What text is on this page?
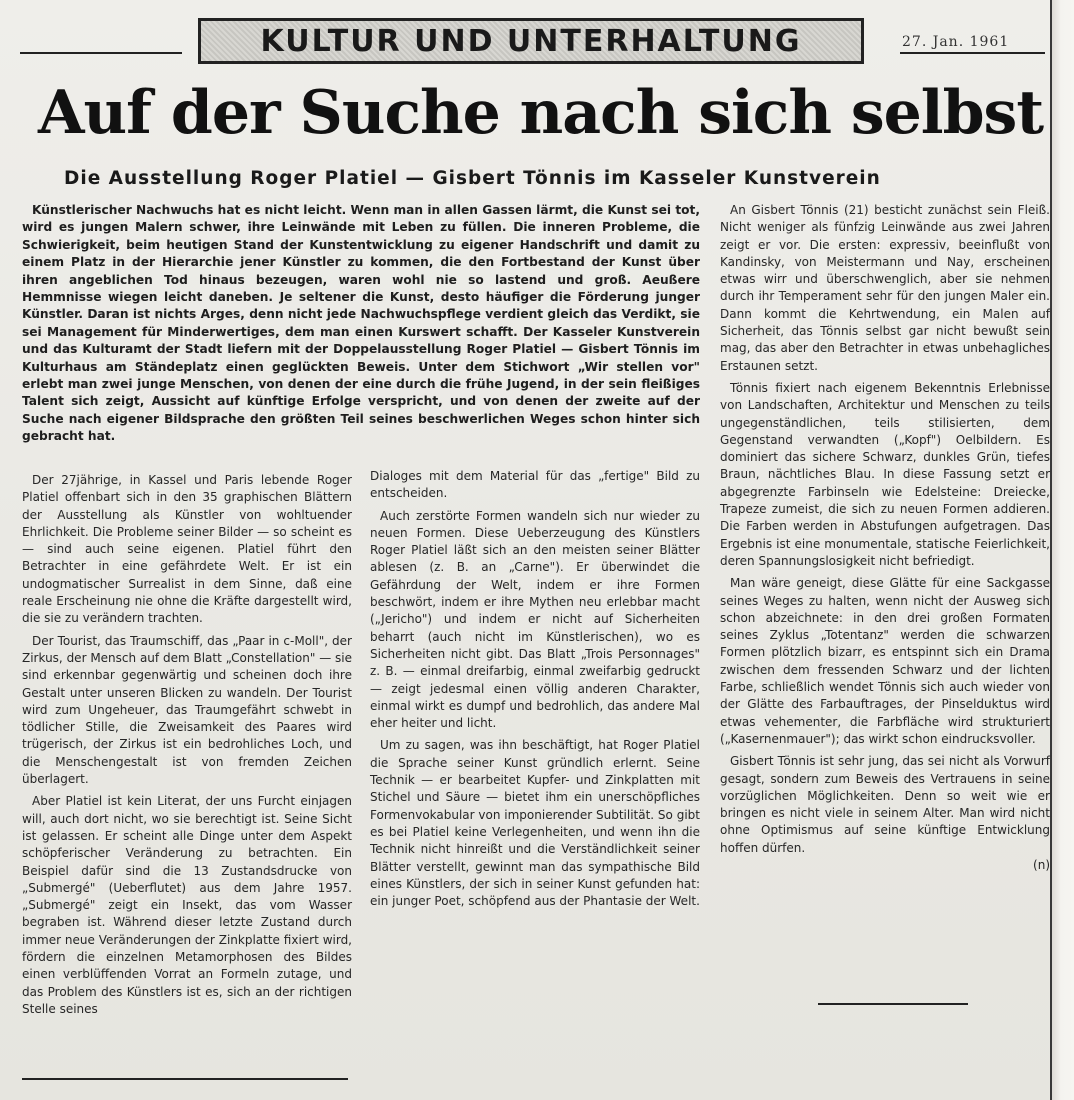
KULTUR UND UNTERHALTUNG	27. Jan. 1961
Auf der Suche nach sich selbst
Die Ausstellung Roger Platiel — Gisbert Tönnis im Kasseler Kunstverein
Künstlerischer Nachwuchs hat es nicht leicht. Wenn man in allen Gassen lärmt, die Kunst sei tot, wird es jungen Malern schwer, ihre Leinwände mit Leben zu füllen. Die inneren Probleme, die Schwierigkeit, beim heutigen Stand der Kunstentwicklung zu eigener Handschrift und damit zu einem Platz in der Hierarchie jener Künstler zu kommen, die den Fortbestand der Kunst über ihren angeblichen Tod hinaus bezeugen, waren wohl nie so lastend und groß. Aeußere Hemmnisse wiegen leicht daneben. Je seltener die Kunst, desto häufiger die Förderung junger Künstler. Daran ist nichts Arges, denn nicht jede Nachwuchspflege verdient gleich das Verdikt, sie sei Management für Minderwertiges, dem man einen Kurswert schafft. Der Kasseler Kunstverein und das Kulturamt der Stadt liefern mit der Doppelausstellung Roger Platiel — Gisbert Tönnis im Kulturhaus am Ständeplatz einen geglückten Beweis. Unter dem Stichwort „Wir stellen vor" erlebt man zwei junge Menschen, von denen der eine durch die frühe Jugend, in der sein fleißiges Talent sich zeigt, Aussicht auf künftige Erfolge verspricht, und von denen der zweite auf der Suche nach eigener Bildsprache den größten Teil seines beschwerlichen Weges schon hinter sich gebracht hat.

Der 27jährige, in Kassel und Paris lebende Roger Platiel offenbart sich in den 35 graphischen Blättern der Ausstellung als Künstler von wohltuender Ehrlichkeit. Die Probleme seiner Bilder — so scheint es — sind auch seine eigenen. Platiel führt den Betrachter in eine gefährdete Welt. Er ist ein undogmatischer Surrealist in dem Sinne, daß eine reale Erscheinung nie ohne die Kräfte dargestellt wird, die sie zu verändern trachten.

Der Tourist, das Traumschiff, das „Paar in c-Moll", der Zirkus, der Mensch auf dem Blatt „Constellation" — sie sind erkennbar gegenwärtig und scheinen doch ihre Gestalt unter unseren Blicken zu wandeln. Der Tourist wird zum Ungeheuer, das Traumgefährt schwebt in tödlicher Stille, die Zweisamkeit des Paares wird trügerisch, der Zirkus ist ein bedrohliches Loch, und die Menschengestalt ist von fremden Zeichen überlagert.

Aber Platiel ist kein Literat, der uns Furcht einjagen will, auch dort nicht, wo sie berechtigt ist. Seine Sicht ist gelassen. Er scheint alle Dinge unter dem Aspekt schöpferischer Veränderung zu betrachten. Ein Beispiel dafür sind die 13 Zustandsdrucke von „Submergé" (Ueberflutet) aus dem Jahre 1957. „Submergé" zeigt ein Insekt, das vom Wasser begraben ist. Während dieser letzte Zustand durch immer neue Veränderungen der Zinkplatte fixiert wird, fördern die einzelnen Metamorphosen des Bildes einen verblüffenden Vorrat an Formeln zutage, und das Problem des Künstlers ist es, sich an der richtigen Stelle seines

Dialoges mit dem Material für das „fertige" Bild zu entscheiden.

Auch zerstörte Formen wandeln sich nur wieder zu neuen Formen. Diese Ueberzeugung des Künstlers Roger Platiel läßt sich an den meisten seiner Blätter ablesen (z. B. an „Carne"). Er überwindet die Gefährdung der Welt, indem er ihre Formen beschwört, indem er ihre Mythen neu erlebbar macht („Jericho") und indem er nicht auf Sicherheiten beharrt (auch nicht im Künstlerischen), wo es Sicherheiten nicht gibt. Das Blatt „Trois Personnages" z. B. — einmal dreifarbig, einmal zweifarbig gedruckt — zeigt jedesmal einen völlig anderen Charakter, einmal wirkt es dumpf und bedrohlich, das andere Mal eher heiter und licht.

Um zu sagen, was ihn beschäftigt, hat Roger Platiel die Sprache seiner Kunst gründlich erlernt. Seine Technik — er bearbeitet Kupfer- und Zinkplatten mit Stichel und Säure — bietet ihm ein unerschöpfliches Formenvokabular von imponierender Subtilität. So gibt es bei Platiel keine Verlegenheiten, und wenn ihn die Technik nicht hinreißt und die Verständlichkeit seiner Blätter verstellt, gewinnt man das sympathische Bild eines Künstlers, der sich in seiner Kunst gefunden hat: ein junger Poet, schöpfend aus der Phantasie der Welt.

An Gisbert Tönnis (21) besticht zunächst sein Fleiß. Nicht weniger als fünfzig Leinwände aus zwei Jahren zeigt er vor. Die ersten: expressiv, beeinflußt von Kandinsky, von Meistermann und Nay, erscheinen etwas wirr und überschwenglich, aber sie nehmen durch ihr Temperament sehr für den jungen Maler ein. Dann kommt die Kehrtwendung, ein Malen auf Sicherheit, das Tönnis selbst gar nicht bewußt sein mag, das aber den Betrachter in etwas unbehagliches Erstaunen setzt.

Tönnis fixiert nach eigenem Bekenntnis Erlebnisse von Landschaften, Architektur und Menschen zu teils ungegenständlichen, teils stilisierten, dem Gegenstand verwandten („Kopf") Oelbildern. Es dominiert das sichere Schwarz, dunkles Grün, tiefes Braun, nächtliches Blau. In diese Fassung setzt er abgegrenzte Farbinseln wie Edelsteine: Dreiecke, Trapeze zumeist, die sich zu neuen Formen addieren. Die Farben werden in Abstufungen aufgetragen. Das Ergebnis ist eine monumentale, statische Feierlichkeit, deren Spannungslosigkeit nicht befriedigt.

Man wäre geneigt, diese Glätte für eine Sackgasse seines Weges zu halten, wenn nicht der Ausweg sich schon abzeichnete: in den drei großen Formaten seines Zyklus „Totentanz" werden die schwarzen Formen plötzlich bizarr, es entspinnt sich ein Drama zwischen dem fressenden Schwarz und der lichten Farbe, schließlich wendet Tönnis sich auch wieder von der Glätte des Farbauftrages, der Pinselduktus wird etwas vehementer, die Farbfläche wird strukturiert („Kasernenmauer"); das wirkt schon eindrucksvoller.

Gisbert Tönnis ist sehr jung, das sei nicht als Vorwurf gesagt, sondern zum Beweis des Vertrauens in seine vorzüglichen Möglichkeiten. Denn so weit wie er bringen es nicht viele in seinem Alter. Man wird nicht ohne Optimismus auf seine künftige Entwicklung hoffen dürfen.

(n)
